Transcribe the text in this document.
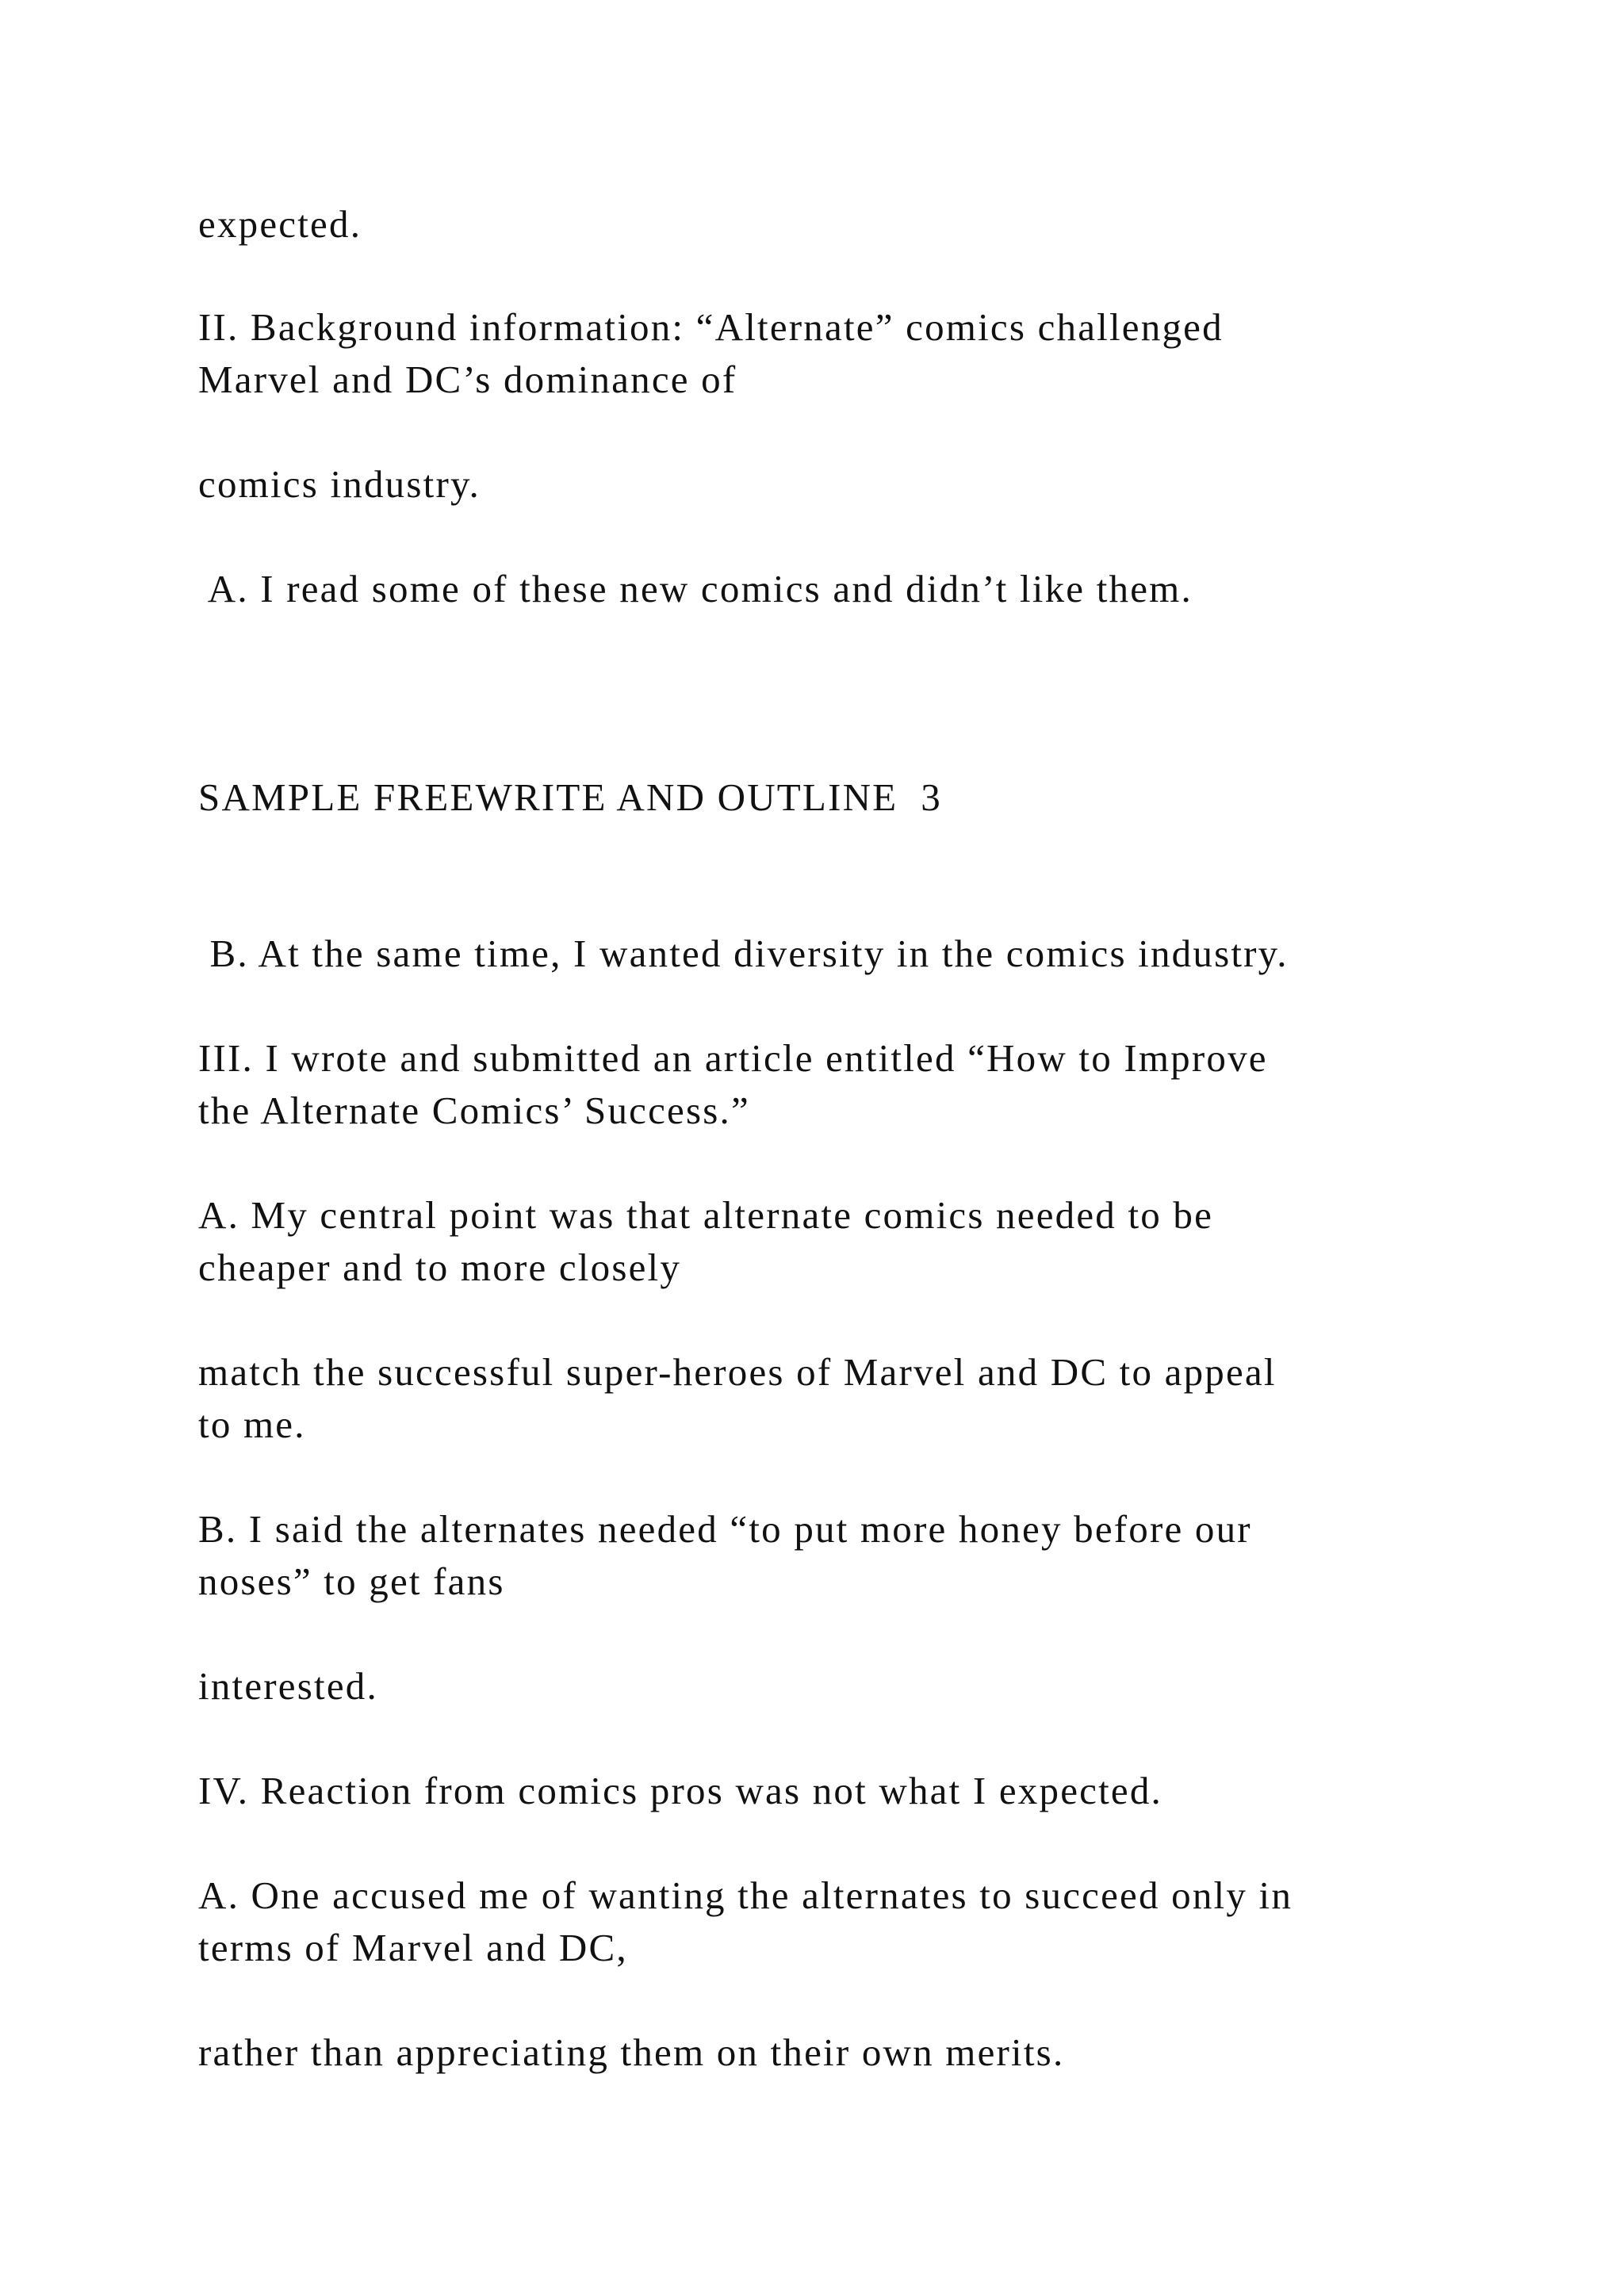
expected.

II. Background information: “Alternate” comics challenged

Marvel and DC’s dominance of

comics industry.

A. I read some of these new comics and didn’t like them.

SAMPLE FREEWRITE AND OUTLINE  3

B. At the same time, I wanted diversity in the comics industry.

III. I wrote and submitted an article entitled “How to Improve

the Alternate Comics’ Success.”

A. My central point was that alternate comics needed to be

cheaper and to more closely

match the successful super-heroes of Marvel and DC to appeal

to me.

B. I said the alternates needed “to put more honey before our

noses” to get fans

interested.

IV. Reaction from comics pros was not what I expected.

A. One accused me of wanting the alternates to succeed only in

terms of Marvel and DC,

rather than appreciating them on their own merits.
